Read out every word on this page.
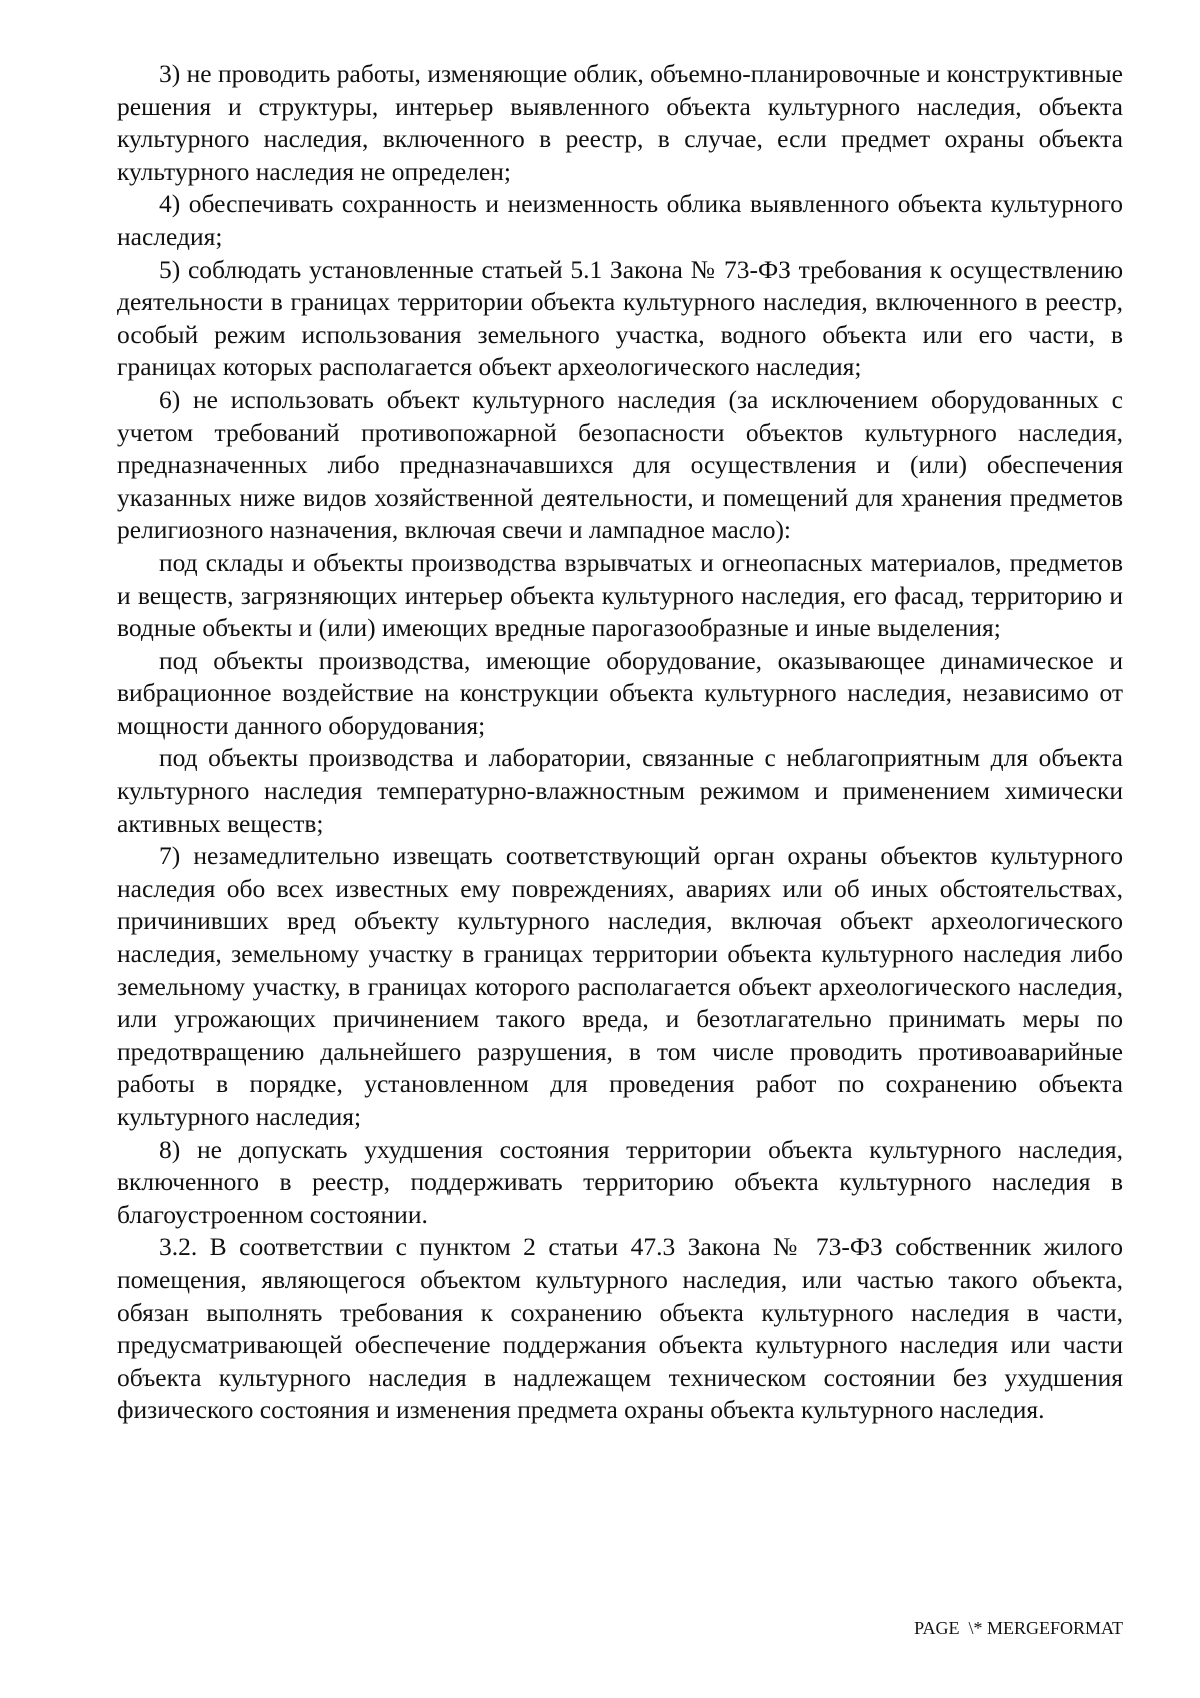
3) не проводить работы, изменяющие облик, объемно-планировочные и конструктивные решения и структуры, интерьер выявленного объекта культурного наследия, объекта культурного наследия, включенного в реестр, в случае, если предмет охраны объекта культурного наследия не определен;

4) обеспечивать сохранность и неизменность облика выявленного объекта культурного наследия;

5) соблюдать установленные статьей 5.1 Закона № 73-ФЗ требования к осуществлению деятельности в границах территории объекта культурного наследия, включенного в реестр, особый режим использования земельного участка, водного объекта или его части, в границах которых располагается объект археологического наследия;

6) не использовать объект культурного наследия (за исключением оборудованных с учетом требований противопожарной безопасности объектов культурного наследия, предназначенных либо предназначавшихся для осуществления и (или) обеспечения указанных ниже видов хозяйственной деятельности, и помещений для хранения предметов религиозного назначения, включая свечи и лампадное масло):

под склады и объекты производства взрывчатых и огнеопасных материалов, предметов и веществ, загрязняющих интерьер объекта культурного наследия, его фасад, территорию и водные объекты и (или) имеющих вредные парогазообразные и иные выделения;

под объекты производства, имеющие оборудование, оказывающее динамическое и вибрационное воздействие на конструкции объекта культурного наследия, независимо от мощности данного оборудования;

под объекты производства и лаборатории, связанные с неблагоприятным для объекта культурного наследия температурно-влажностным режимом и применением химически активных веществ;

7) незамедлительно извещать соответствующий орган охраны объектов культурного наследия обо всех известных ему повреждениях, авариях или об иных обстоятельствах, причинивших вред объекту культурного наследия, включая объект археологического наследия, земельному участку в границах территории объекта культурного наследия либо земельному участку, в границах которого располагается объект археологического наследия, или угрожающих причинением такого вреда, и безотлагательно принимать меры по предотвращению дальнейшего разрушения, в том числе проводить противоаварийные работы в порядке, установленном для проведения работ по сохранению объекта культурного наследия;

8) не допускать ухудшения состояния территории объекта культурного наследия, включенного в реестр, поддерживать территорию объекта культурного наследия в благоустроенном состоянии.

3.2. В соответствии с пунктом 2 статьи 47.3 Закона № 73-ФЗ собственник жилого помещения, являющегося объектом культурного наследия, или частью такого объекта, обязан выполнять требования к сохранению объекта культурного наследия в части, предусматривающей обеспечение поддержания объекта культурного наследия или части объекта культурного наследия в надлежащем техническом состоянии без ухудшения физического состояния и изменения предмета охраны объекта культурного наследия.

PAGE  \* MERGEFORMAT
